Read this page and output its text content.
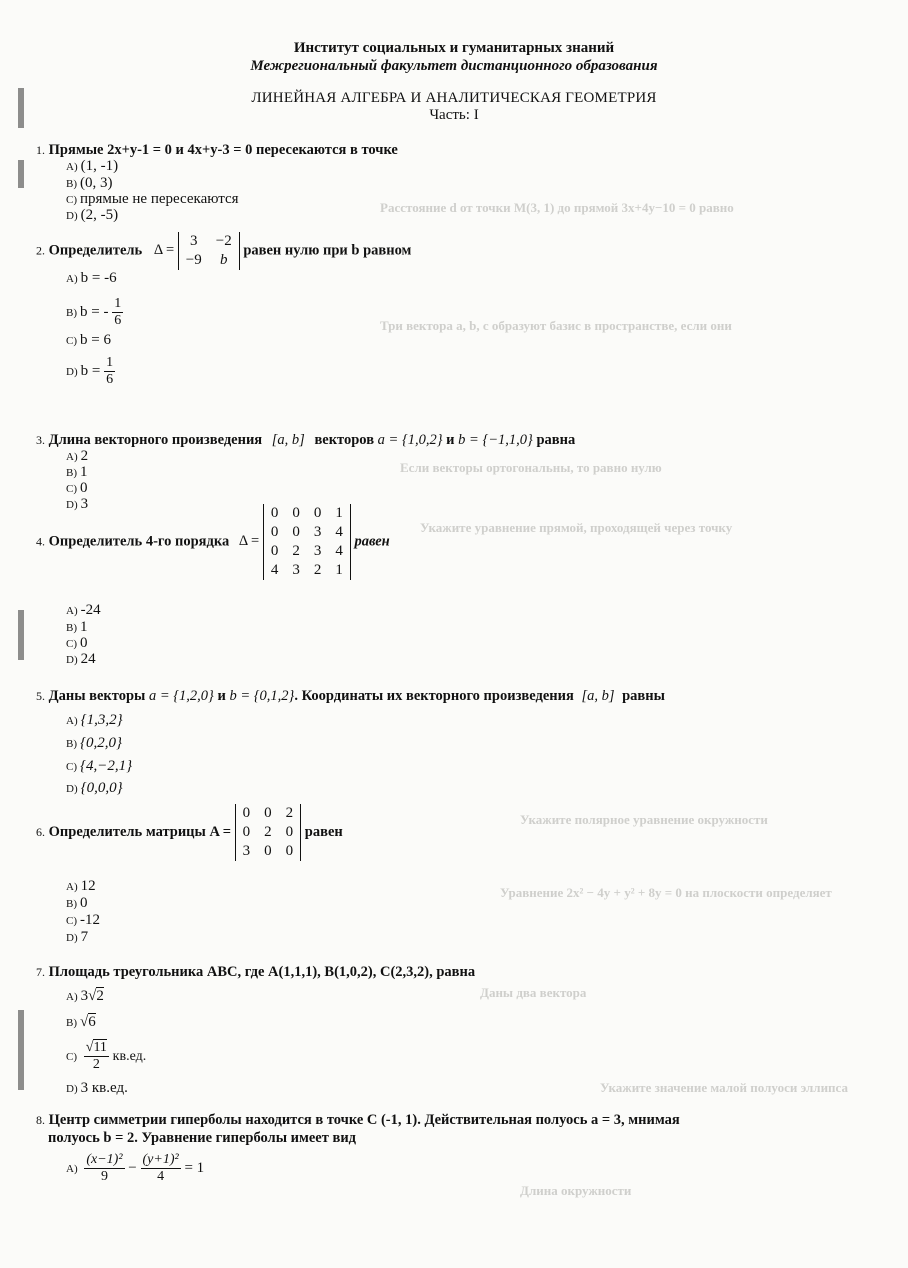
Расстояние d от точки M(3, 1) до прямой 3x+4y−10 = 0 равно
Три вектора a, b, c образуют базис в пространстве, если они
Если векторы ортогональны, то равно нулю
Укажите уравнение прямой, проходящей через точку
Укажите полярное уравнение окружности
Уравнение 2x² − 4y + y² + 8y = 0 на плоскости определяет
Даны два вектора
Укажите значение малой полуоси эллипса
Длина окружности
Институт социальных и гуманитарных знаний
Межрегиональный факультет дистанционного образования
ЛИНЕЙНАЯ АЛГЕБРА И АНАЛИТИЧЕСКАЯ ГЕОМЕТРИЯ
Часть: I
1. Прямые 2x+y-1 = 0 и 4x+y-3 = 0 пересекаются в точке
A) (1, -1)
B) (0, 3)
C) прямые не пересекаются
D) (2, -5)
2. Определитель Δ =
3	−2
−9	b
равен нулю при b равном
A) b = -6
B) b = - $\frac{1}{6}$
C) b = 6
D) $b = \frac{1}{6}$
3. Длина векторного произведения [a, b] векторов a = {1,0,2} и b = {−1,1,0} равна
A) 2
B) 1
C) 0
D) 3
4. Определитель 4-го порядка Δ =
0	0	0	1
0	0	3	4
0	2	3	4
4	3	2	1
равен
A) -24
B) 1
C) 0
D) 24
5. Даны векторы a = {1,2,0} и b = {0,1,2}. Координаты их векторного произведения [a, b] равны
A) {1,3,2}
B) {0,2,0}
C) {4,−2,1}
D) {0,0,0}
6. Определитель матрицы A =
0	0	2
0	2	0
3	0	0
равен
A) 12
B) 0
C) -12
D) 7
7. Площадь треугольника ABC, где A(1,1,1), B(1,0,2), C(2,3,2), равна
A) 3√2
B) √6
$C) \frac{√11}{2} кв.ед$.
D) 3 кв.ед.
8. Центр симметрии гиперболы находится в точке C (-1, 1). Действительная полуось a = 3, мнимая
полуось b = 2. Уравнение гиперболы имеет вид
$A) \frac{\text{(x−1)²}}{9} - \frac{\text{(y+1)²}}{4} = 1$
